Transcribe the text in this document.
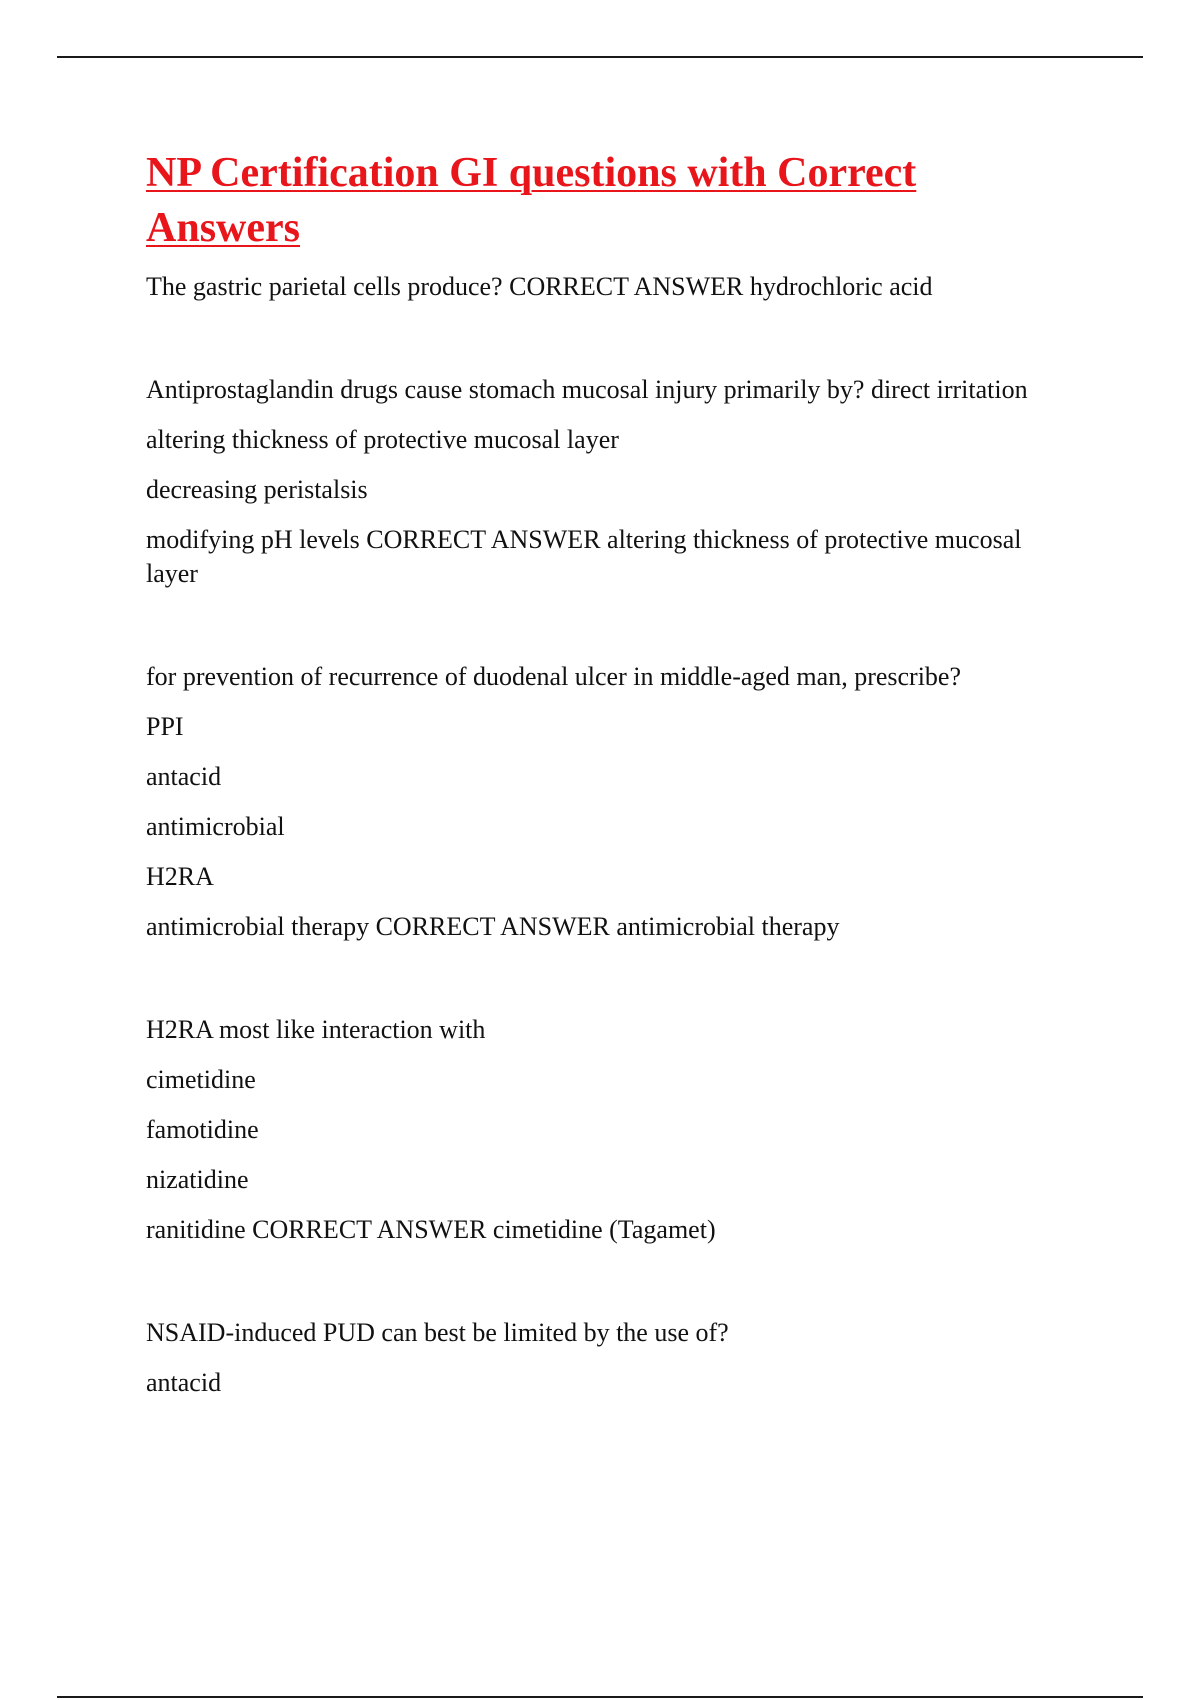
NP Certification GI questions with Correct Answers

The gastric parietal cells produce? CORRECT ANSWER hydrochloric acid

Antiprostaglandin drugs cause stomach mucosal injury primarily by? direct irritation

altering thickness of protective mucosal layer

decreasing peristalsis

modifying pH levels CORRECT ANSWER altering thickness of protective mucosal layer

for prevention of recurrence of duodenal ulcer in middle-aged man, prescribe?

PPI

antacid

antimicrobial

H2RA

antimicrobial therapy CORRECT ANSWER antimicrobial therapy

H2RA most like interaction with

cimetidine

famotidine

nizatidine

ranitidine CORRECT ANSWER cimetidine (Tagamet)

NSAID-induced PUD can best be limited by the use of?

antacid
